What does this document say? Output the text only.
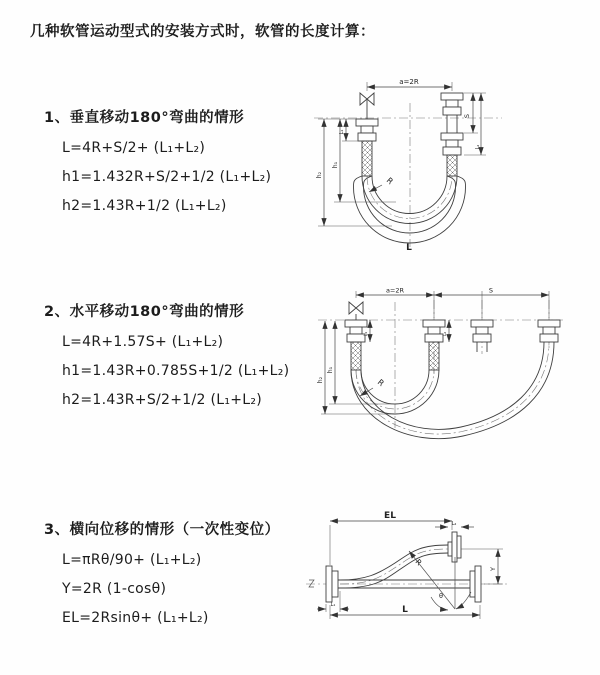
几种软管运动型式的安装方式时，软管的长度计算：
1、垂直移动180°弯曲的情形

L=4R+S/2+ (L₁+L₂)

h1=1.432R+S/2+1/2 (L₁+L₂)

h2=1.43R+1/2 (L₁+L₂)

2、水平移动180°弯曲的情形

L=4R+1.57S+ (L₁+L₂)

h1=1.43R+0.785S+1/2 (L₁+L₂)

h2=1.43R+S/2+1/2 (L₁+L₂)

3、横向位移的情形（一次性变位）

L=πRθ/90+ (L₁+L₂)

Y=2R (1-cosθ)

EL=2Rsinθ+ (L₁+L₂)

a=2R
S
L₂
L₁
h₁
h₂
R
L
a=2R	S
L₁	L₂
h₁
h₂	R
EL
L₂
Y
L
L₁
R
θ
